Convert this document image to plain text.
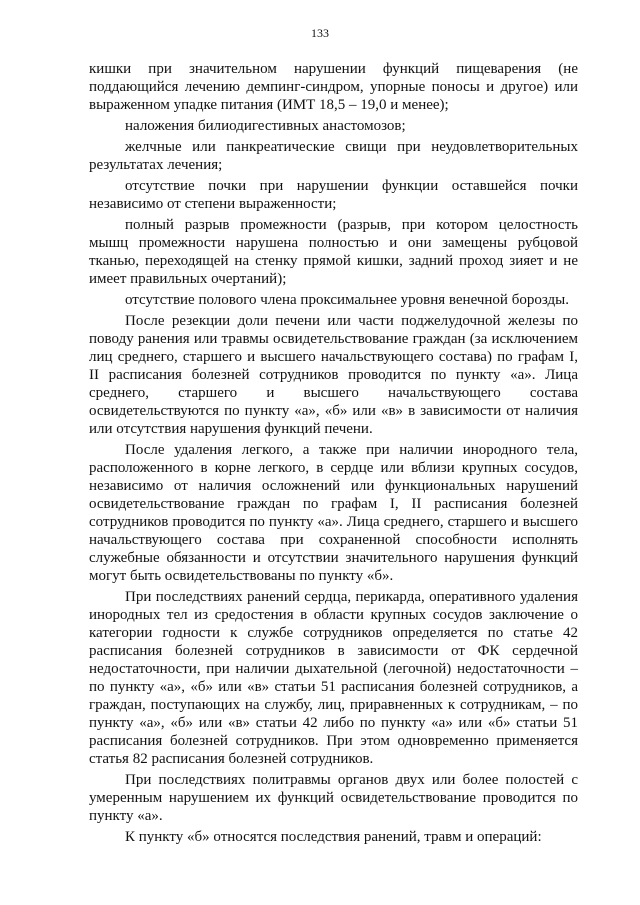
133

кишки при значительном нарушении функций пищеварения (не поддающийся лечению демпинг-синдром, упорные поносы и другое) или выраженном упадке питания (ИМТ 18,5 – 19,0 и менее);

наложения билиодигестивных анастомозов;

желчные или панкреатические свищи при неудовлетворительных результатах лечения;

отсутствие почки при нарушении функции оставшейся почки независимо от степени выраженности;

полный разрыв промежности (разрыв, при котором целостность мышц промежности нарушена полностью и они замещены рубцовой тканью, переходящей на стенку прямой кишки, задний проход зияет и не имеет правильных очертаний);

отсутствие полового члена проксимальнее уровня венечной борозды.

После резекции доли печени или части поджелудочной железы по поводу ранения или травмы освидетельствование граждан (за исключением лиц среднего, старшего и высшего начальствующего состава) по графам I, II расписания болезней сотрудников проводится по пункту «а». Лица среднего, старшего и высшего начальствующего состава освидетельствуются по пункту «а», «б» или «в» в зависимости от наличия или отсутствия нарушения функций печени.

После удаления легкого, а также при наличии инородного тела, расположенного в корне легкого, в сердце или вблизи крупных сосудов, независимо от наличия осложнений или функциональных нарушений освидетельствование граждан по графам I, II расписания болезней сотрудников проводится по пункту «а». Лица среднего, старшего и высшего начальствующего состава при сохраненной способности исполнять служебные обязанности и отсутствии значительного нарушения функций могут быть освидетельствованы по пункту «б».

При последствиях ранений сердца, перикарда, оперативного удаления инородных тел из средостения в области крупных сосудов заключение о категории годности к службе сотрудников определяется по статье 42 расписания болезней сотрудников в зависимости от ФК сердечной недостаточности, при наличии дыхательной (легочной) недостаточности – по пункту «а», «б» или «в» статьи 51 расписания болезней сотрудников, а граждан, поступающих на службу, лиц, приравненных к сотрудникам, – по пункту «а», «б» или «в» статьи 42 либо по пункту «а» или «б» статьи 51 расписания болезней сотрудников. При этом одновременно применяется статья 82 расписания болезней сотрудников.

При последствиях политравмы органов двух или более полостей с умеренным нарушением их функций освидетельствование проводится по пункту «а».

К пункту «б» относятся последствия ранений, травм и операций:
